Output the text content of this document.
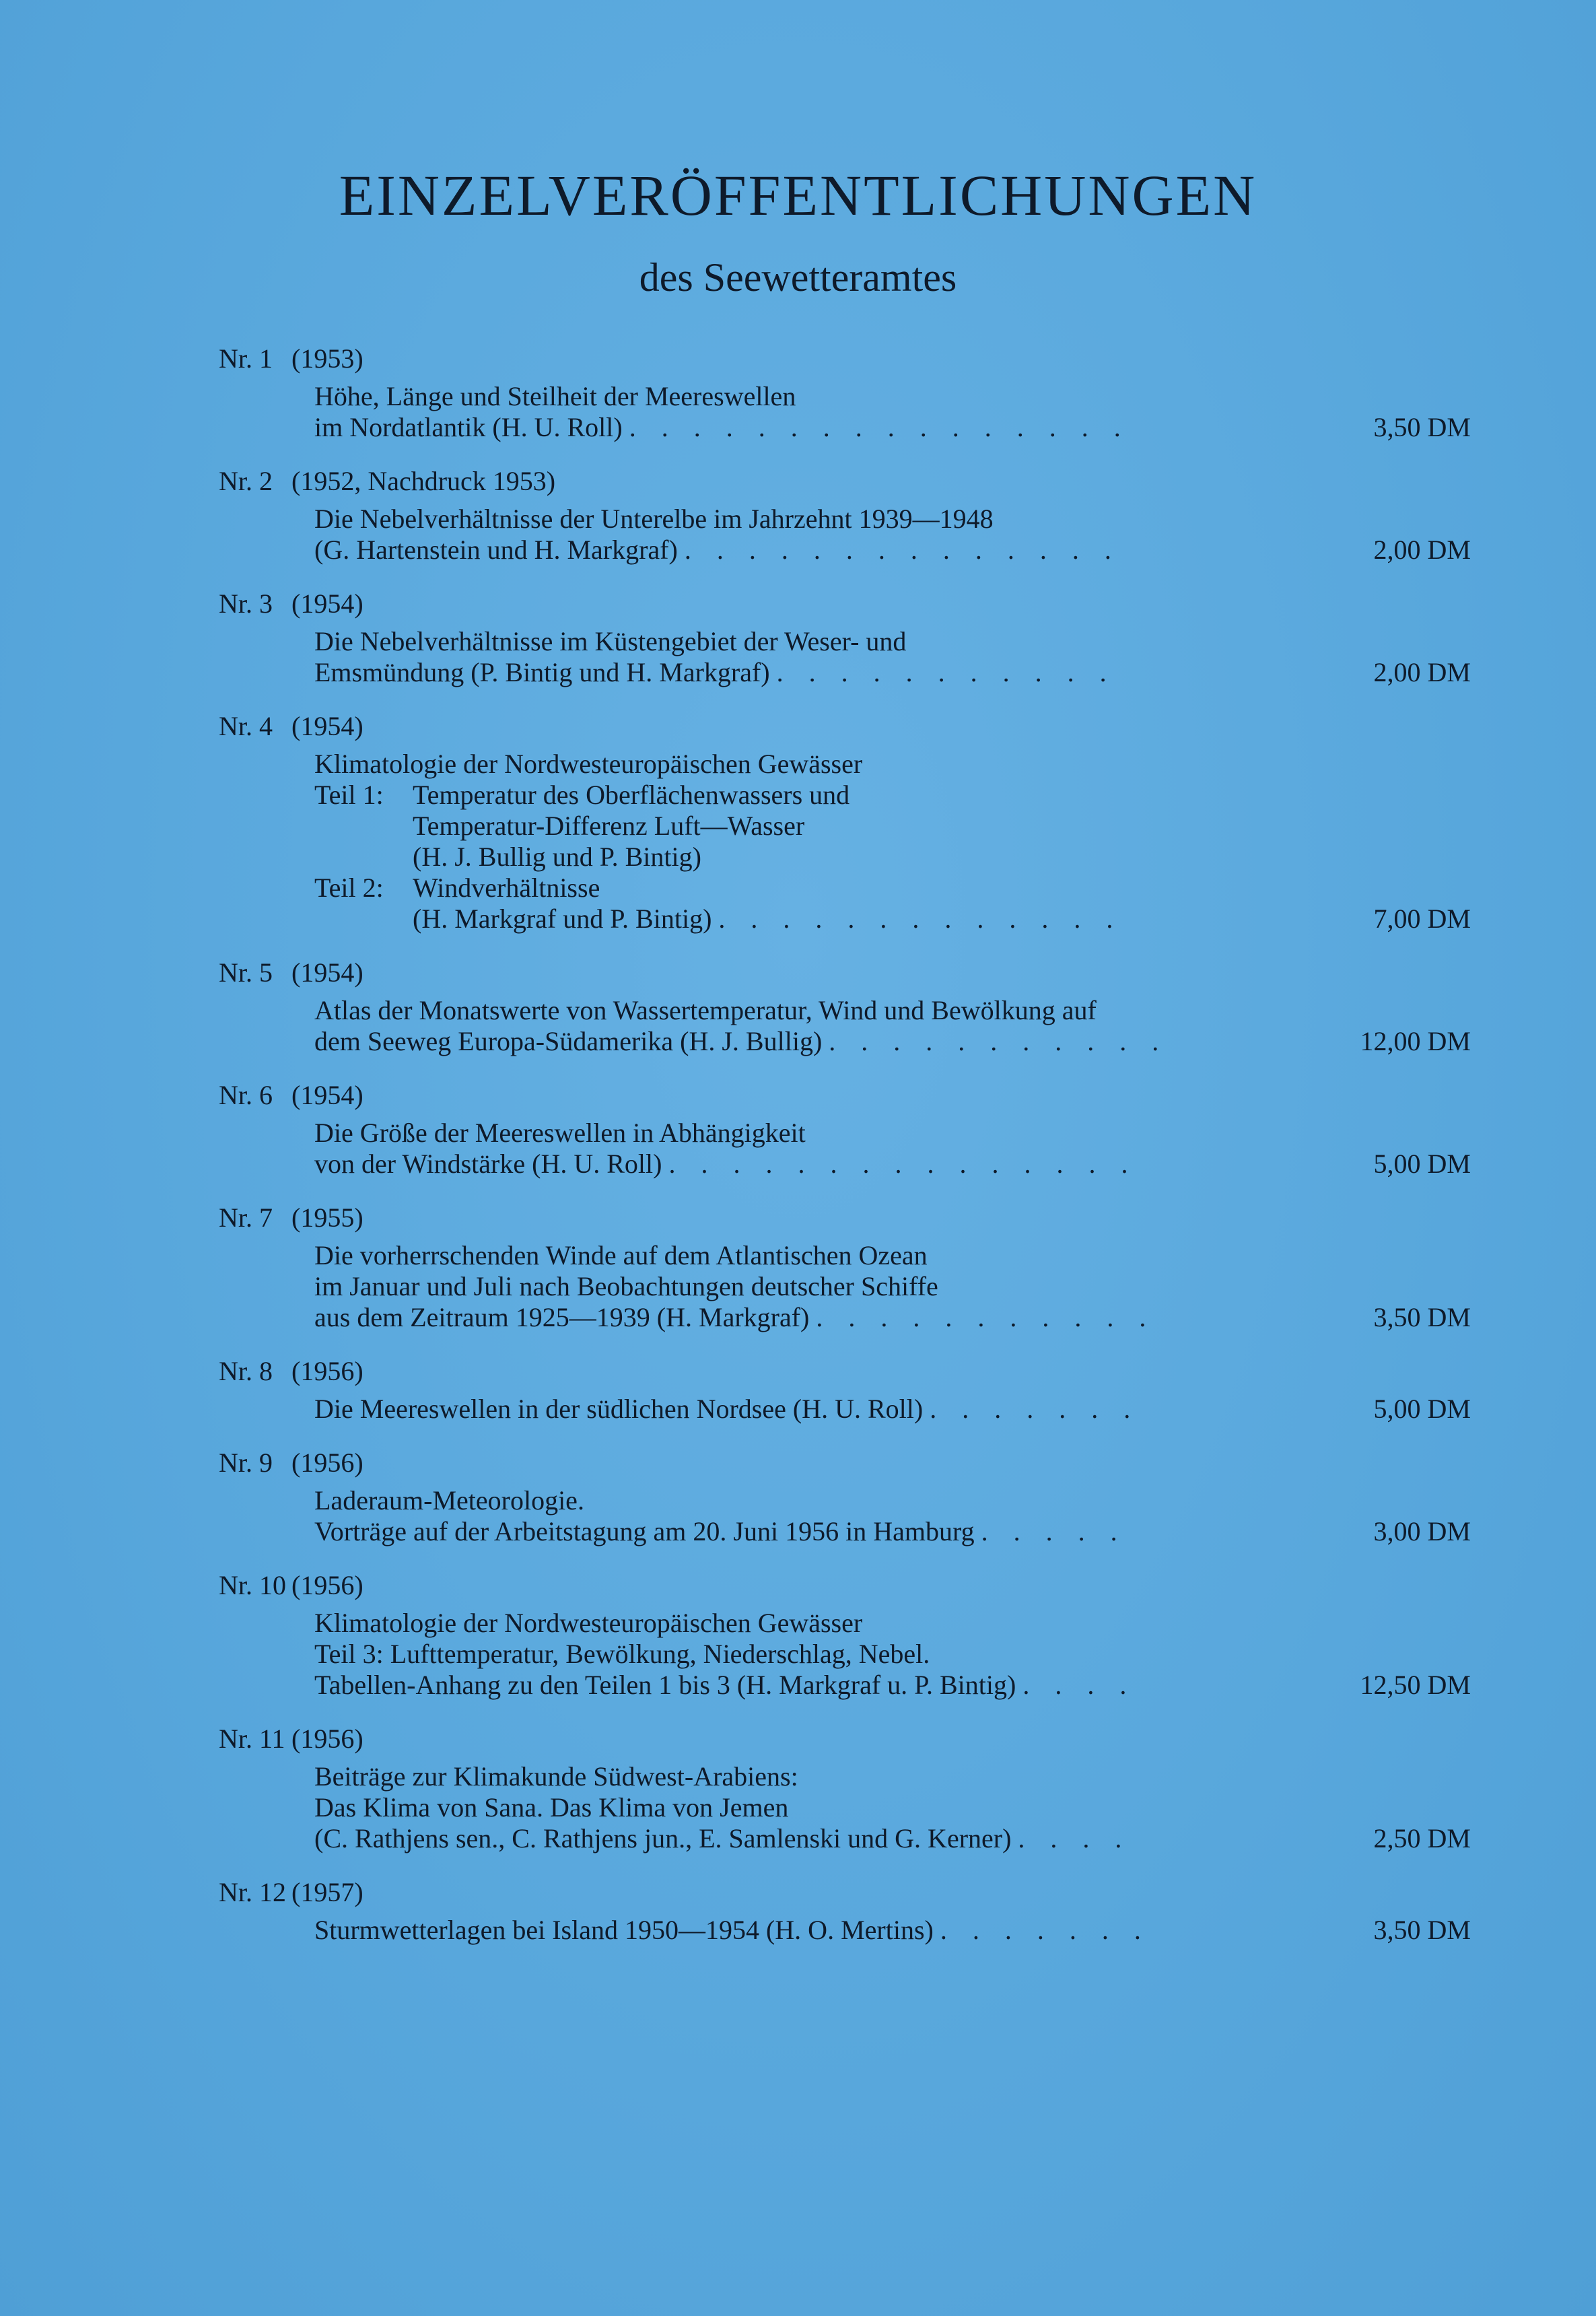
EINZELVERÖFFENTLICHUNGEN
des Seewetteramtes
Nr. 1 (1953)
Höhe, Länge und Steilheit der Meereswellen
im Nordatlantik (H. U. Roll) . . . . . . . . . . . . . . . .	3,50 DM
Nr. 2 (1952, Nachdruck 1953)
Die Nebelverhältnisse der Unterelbe im Jahrzehnt 1939—1948
(G. Hartenstein und H. Markgraf) . . . . . . . . . . . . . .	2,00 DM
Nr. 3 (1954)
Die Nebelverhältnisse im Küstengebiet der Weser- und
Emsmündung (P. Bintig und H. Markgraf) . . . . . . . . . . .	2,00 DM
Nr. 4 (1954)
Klimatologie der Nordwesteuropäischen Gewässer
Teil 1: Temperatur des Oberflächenwassers und
Temperatur-Differenz Luft—Wasser
(H. J. Bullig und P. Bintig)
Teil 2: Windverhältnisse
(H. Markgraf und P. Bintig) . . . . . . . . . . . . .	7,00 DM
Nr. 5 (1954)
Atlas der Monatswerte von Wassertemperatur, Wind und Bewölkung auf
dem Seeweg Europa-Südamerika (H. J. Bullig) . . . . . . . . . . .	12,00 DM
Nr. 6 (1954)
Die Größe der Meereswellen in Abhängigkeit
von der Windstärke (H. U. Roll) . . . . . . . . . . . . . . .	5,00 DM
Nr. 7 (1955)
Die vorherrschenden Winde auf dem Atlantischen Ozean
im Januar und Juli nach Beobachtungen deutscher Schiffe
aus dem Zeitraum 1925—1939 (H. Markgraf) . . . . . . . . . . .	3,50 DM
Nr. 8 (1956)
Die Meereswellen in der südlichen Nordsee (H. U. Roll) . . . . . . .	5,00 DM
Nr. 9 (1956)
Laderaum-Meteorologie.
Vorträge auf der Arbeitstagung am 20. Juni 1956 in Hamburg . . . . .	3,00 DM
Nr. 10 (1956)
Klimatologie der Nordwesteuropäischen Gewässer
Teil 3: Lufttemperatur, Bewölkung, Niederschlag, Nebel.
Tabellen-Anhang zu den Teilen 1 bis 3 (H. Markgraf u. P. Bintig) . . . .	12,50 DM
Nr. 11 (1956)
Beiträge zur Klimakunde Südwest-Arabiens:
Das Klima von Sana. Das Klima von Jemen
(C. Rathjens sen., C. Rathjens jun., E. Samlenski und G. Kerner) . . . .	2,50 DM
Nr. 12 (1957)
Sturmwetterlagen bei Island 1950—1954 (H. O. Mertins) . . . . . . .	3,50 DM
